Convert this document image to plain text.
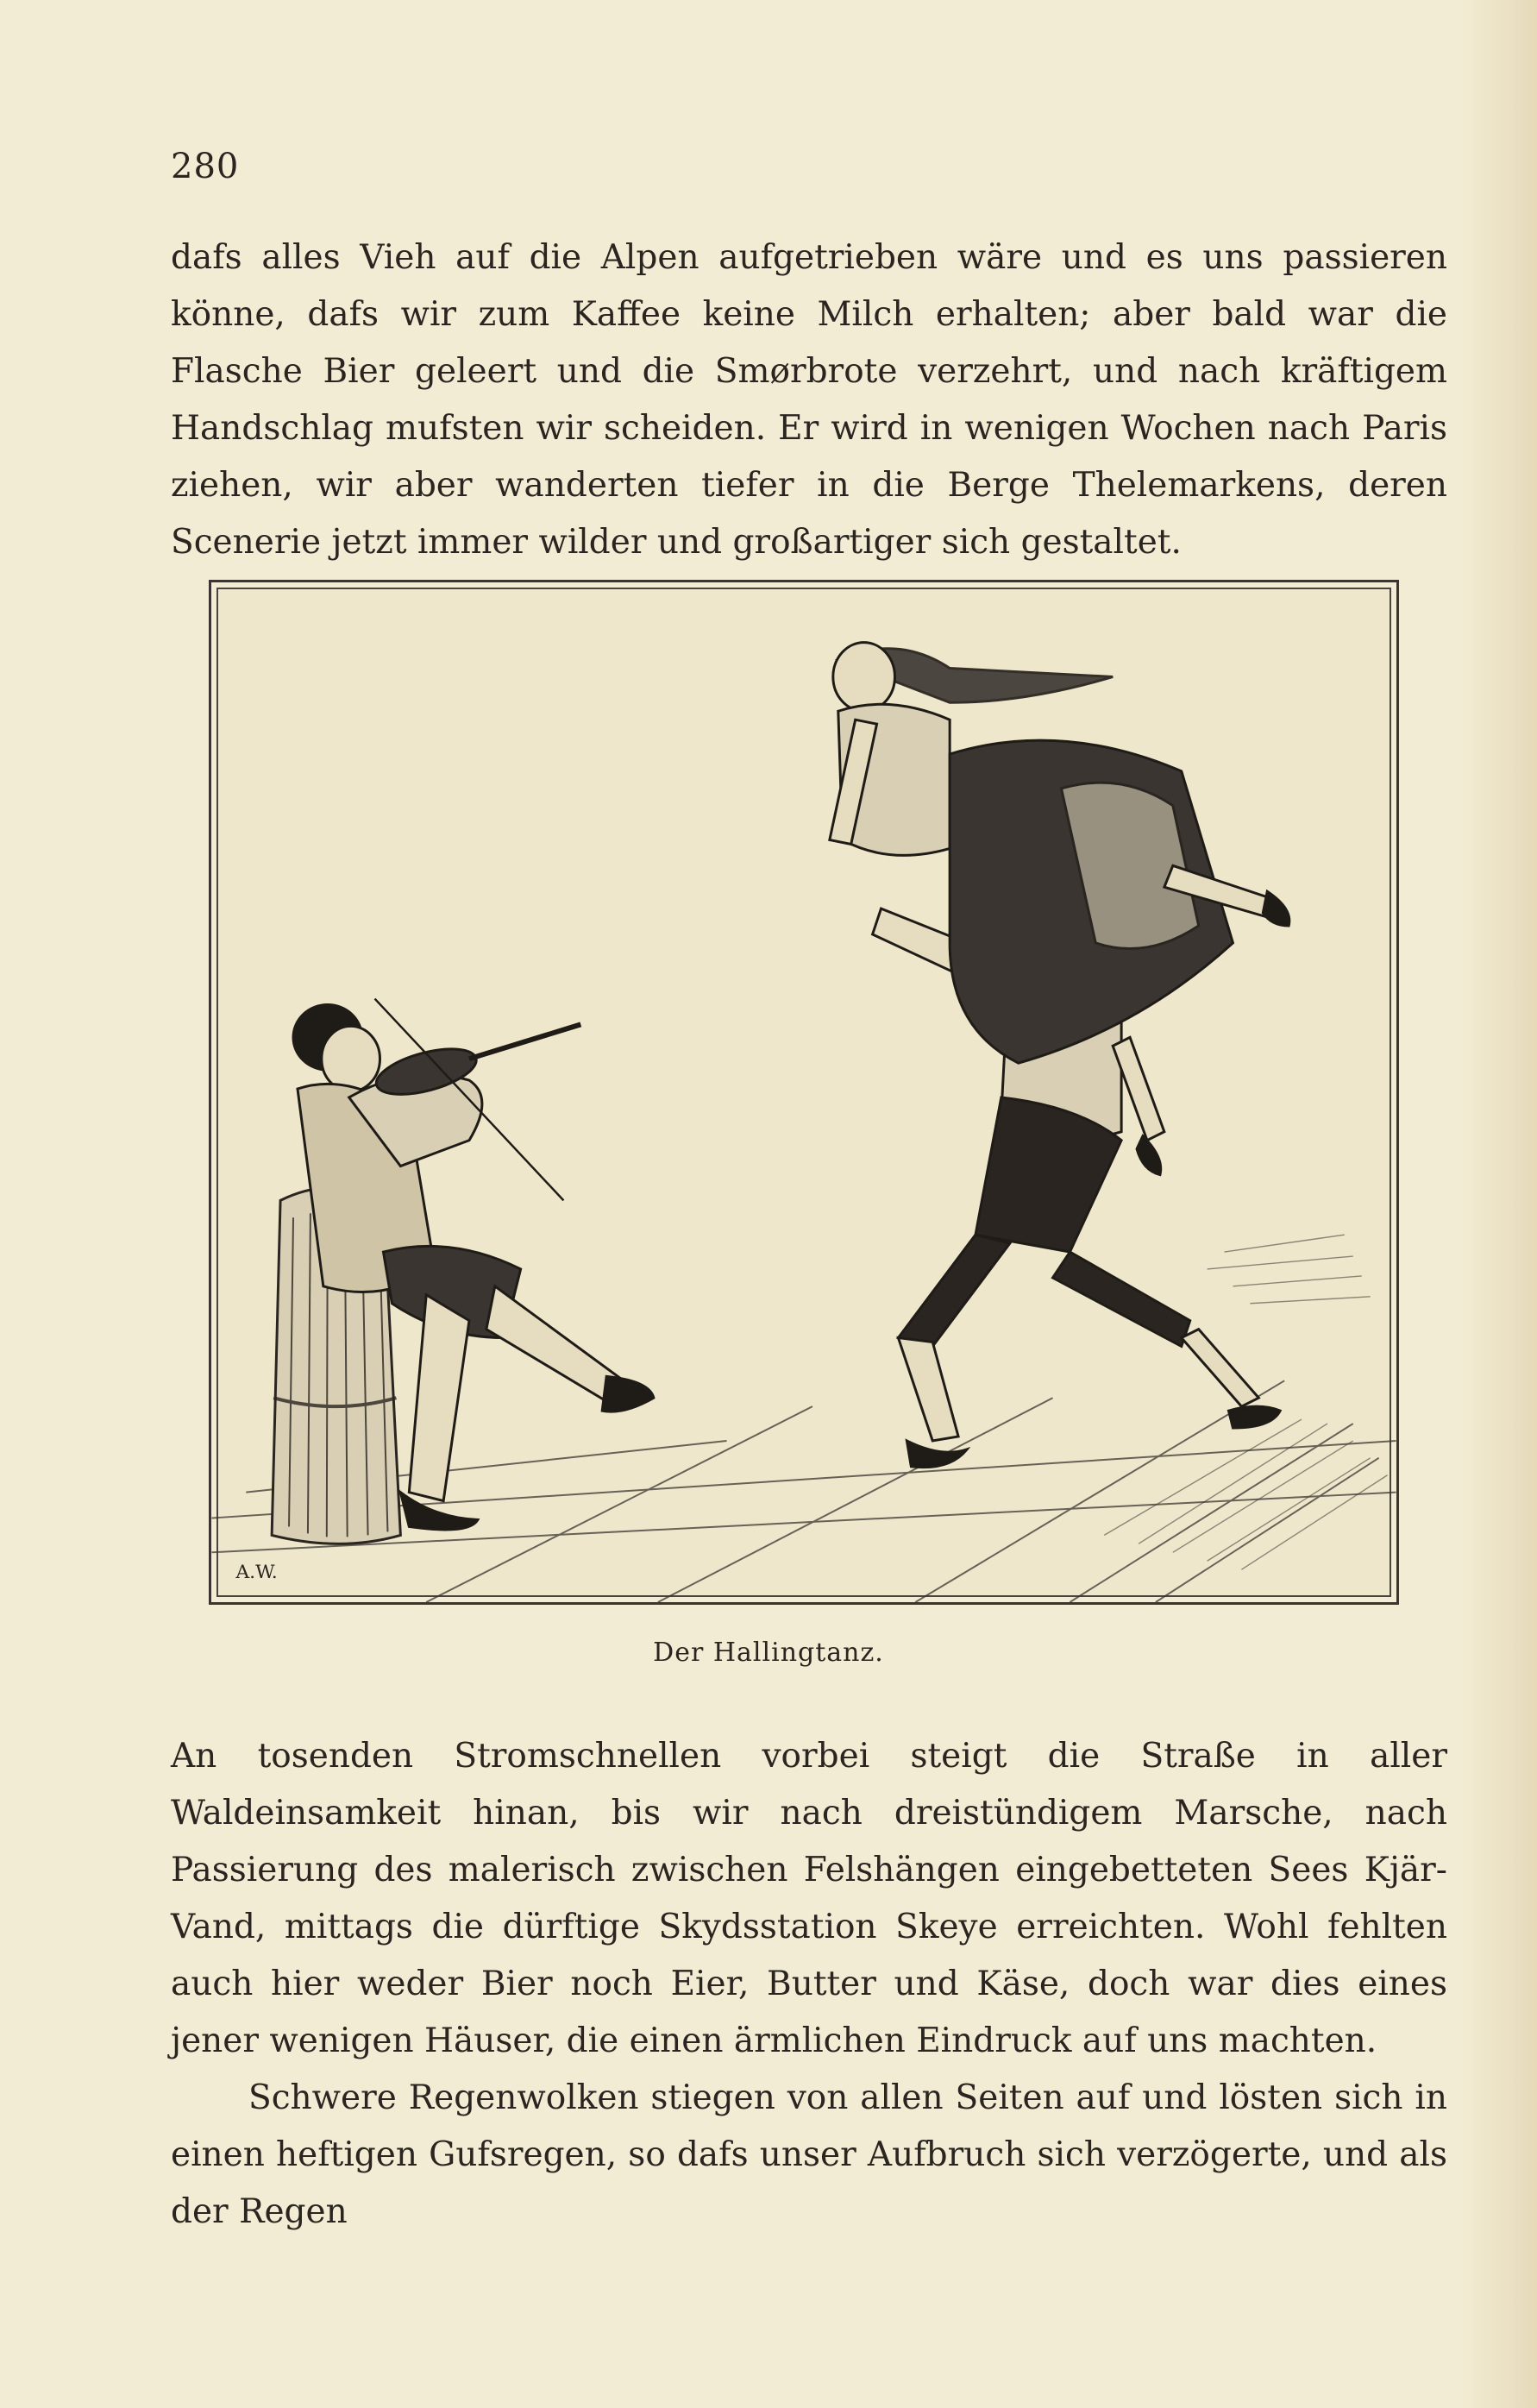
280

dafs alles Vieh auf die Alpen aufgetrieben wäre und es uns passieren könne, dafs wir zum Kaffee keine Milch erhalten; aber bald war die Flasche Bier geleert und die Smørbrote verzehrt, und nach kräftigem Handschlag mufsten wir scheiden. Er wird in wenigen Wochen nach Paris ziehen, wir aber wanderten tiefer in die Berge Thelemarkens, deren Scenerie jetzt immer wilder und großartiger sich gestaltet.

A.W.
Der Hallingtanz.

An tosenden Stromschnellen vorbei steigt die Straße in aller Waldeinsamkeit hinan, bis wir nach dreistündigem Marsche, nach Passierung des malerisch zwischen Felshängen eingebetteten Sees Kjär-Vand, mittags die dürftige Skydsstation Skeye erreichten. Wohl fehlten auch hier weder Bier noch Eier, Butter und Käse, doch war dies eines jener wenigen Häuser, die einen ärmlichen Eindruck auf uns machten.

Schwere Regenwolken stiegen von allen Seiten auf und lösten sich in einen heftigen Gufsregen, so dafs unser Aufbruch sich verzögerte, und als der Regen
